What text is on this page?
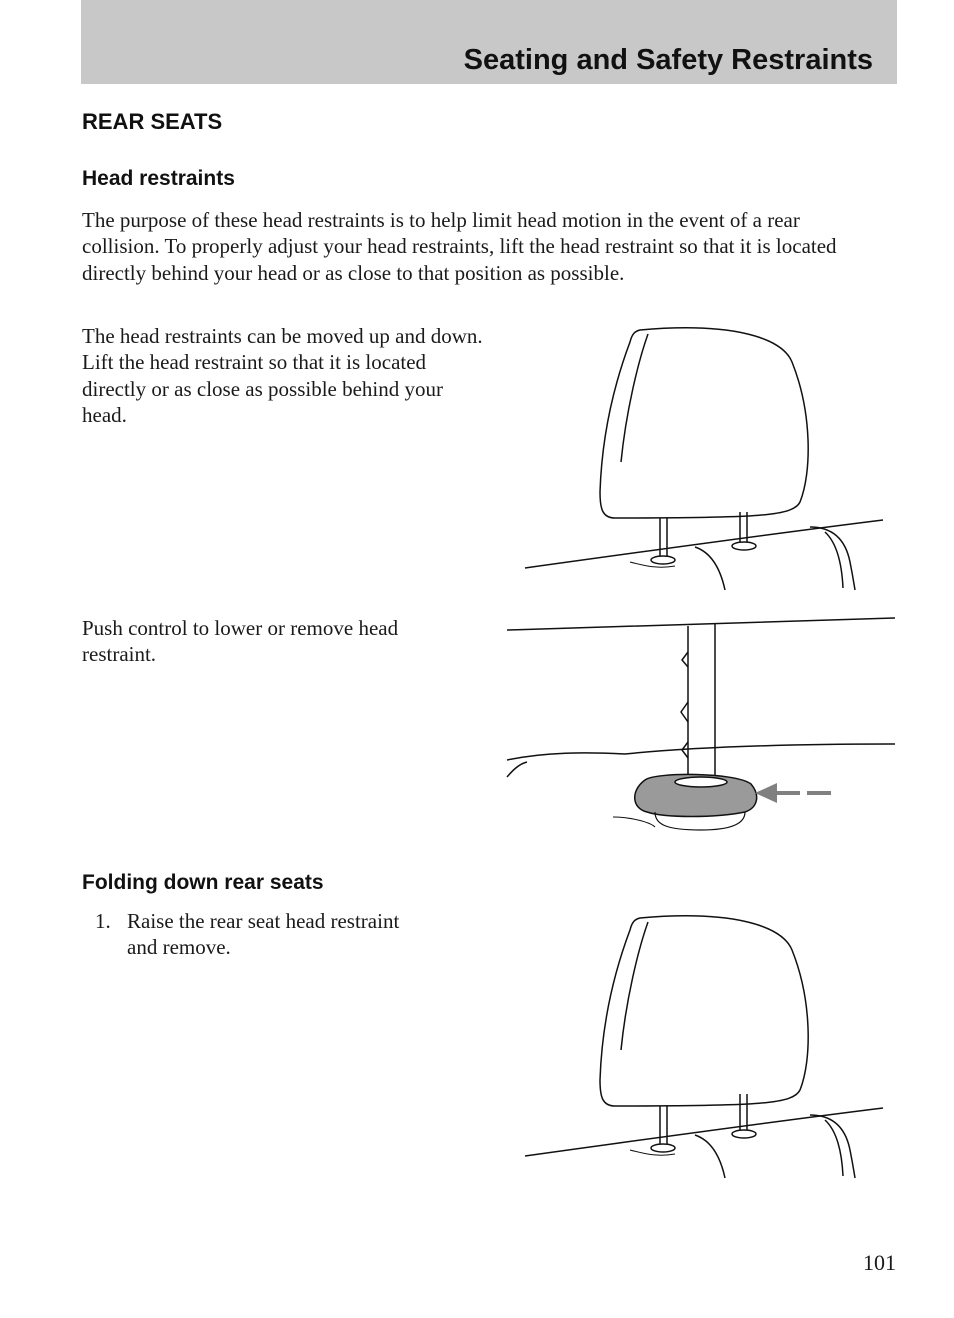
Seating and Safety Restraints
REAR SEATS
Head restraints

The purpose of these head restraints is to help limit head motion in the event of a rear collision. To properly adjust your head restraints, lift the head restraint so that it is located directly behind your head or as close to that position as possible.

The head restraints can be moved up and down. Lift the head restraint so that it is located directly or as close as possible behind your head.

Push control to lower or remove head restraint.

Folding down rear seats
1. Raise the rear seat head restraint and remove.

101
